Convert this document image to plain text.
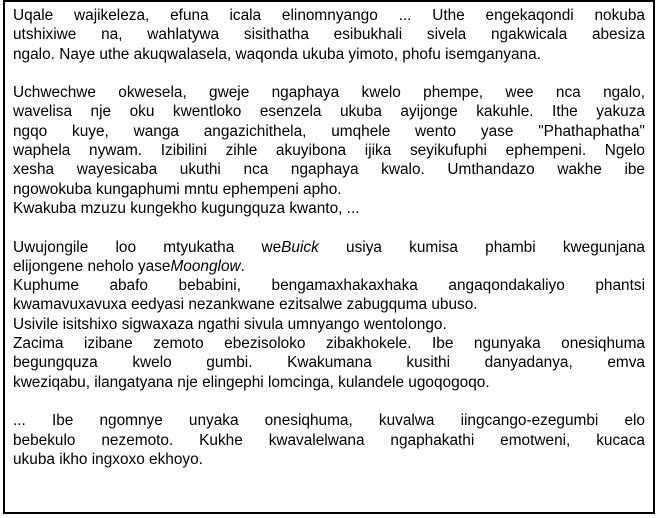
Uqale wajikeleza, efuna icala elinomnyango ... Uthe engekaqondi nokuba
utshixiwe na, wahlatywa sisithatha esibukhali sivela ngakwicala abesiza
ngalo. Naye uthe akuqwalasela, waqonda ukuba yimoto, phofu isemganyana.
Uchwechwe okwesela, gweje ngaphaya kwelo phempe, wee nca ngalo,
wavelisa nje oku kwentloko esenzela ukuba ayijonge kakuhle. Ithe yakuza
ngqo kuye, wanga angazichithela, umqhele wento yase "Phathaphatha"
waphela nywam. Izibilini zihle akuyibona ijika seyikufuphi ephempeni. Ngelo
xesha wayesicaba ukuthi nca ngaphaya kwalo. Umthandazo wakhe ibe
ngowokuba kungaphumi mntu ephempeni apho.
Kwakuba mzuzu kungekho kugungquza kwanto, ...
Uwujongile loo mtyukatha weBuick usiya kumisa phambi kwegunjana
elijongene neholo yaseMoonglow.
Kuphume abafo bebabini, bengamaxhakaxhaka angaqondakaliyo phantsi
kwamavuxavuxa eedyasi nezankwane ezitsalwe zabugquma ubuso.
Usivile isitshixo sigwaxaza ngathi sivula umnyango wentolongo.
Zacima izibane zemoto ebezisoloko zibakhokele. Ibe ngunyaka onesiqhuma
begungquza kwelo gumbi. Kwakumana kusithi danyadanya, emva
kweziqabu, ilangatyana nje elingephi lomcinga, kulandele ugoqogoqo.
... Ibe ngomnye unyaka onesiqhuma, kuvalwa iingcango-ezegumbi elo
bebekulo nezemoto. Kukhe kwavalelwana ngaphakathi emotweni, kucaca
ukuba ikho ingxoxo ekhoyo.
